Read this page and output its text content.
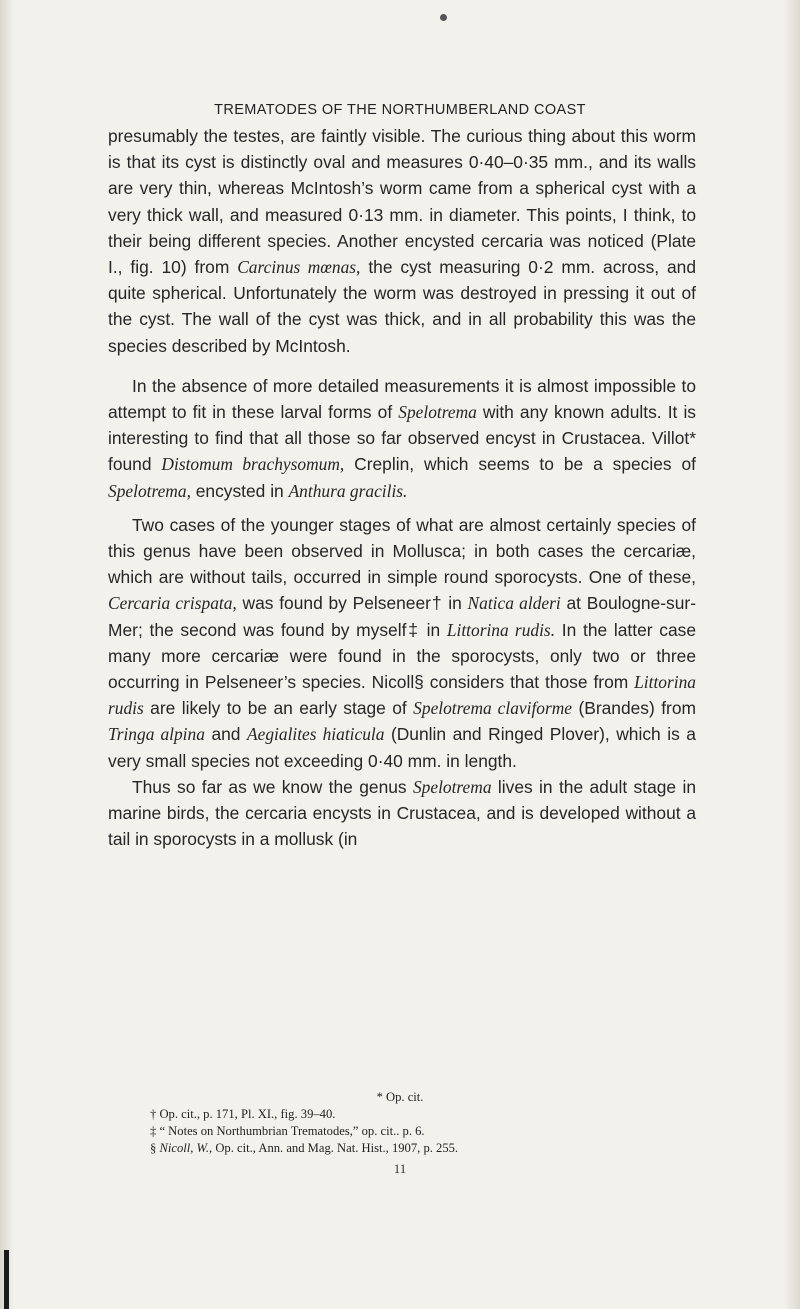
TREMATODES OF THE NORTHUMBERLAND COAST

presumably the testes, are faintly visible. The curious thing about this worm is that its cyst is distinctly oval and measures 0·40–0·35 mm., and its walls are very thin, whereas McIntosh’s worm came from a spherical cyst with a very thick wall, and measured 0·13 mm. in diameter. This points, I think, to their being different species. Another encysted cercaria was noticed (Plate I., fig. 10) from Carcinus mœnas, the cyst measuring 0·2 mm. across, and quite spherical. Unfortunately the worm was destroyed in pressing it out of the cyst. The wall of the cyst was thick, and in all probability this was the species described by McIntosh.

In the absence of more detailed measurements it is almost impossible to attempt to fit in these larval forms of Spelotrema with any known adults. It is interesting to find that all those so far observed encyst in Crustacea. Villot* found Distomum brachysomum, Creplin, which seems to be a species of Spelotrema, encysted in Anthura gracilis.

Two cases of the younger stages of what are almost certainly species of this genus have been observed in Mollusca; in both cases the cercariæ, which are without tails, occurred in simple round sporocysts. One of these, Cercaria crispata, was found by Pelseneer† in Natica alderi at Boulogne-sur-Mer; the second was found by myself‡ in Littorina rudis. In the latter case many more cercariæ were found in the sporocysts, only two or three occurring in Pelseneer’s species. Nicoll§ considers that those from Littorina rudis are likely to be an early stage of Spelotrema claviforme (Brandes) from Tringa alpina and Aegialites hiaticula (Dunlin and Ringed Plover), which is a very small species not exceeding 0·40 mm. in length.

Thus so far as we know the genus Spelotrema lives in the adult stage in marine birds, the cercaria encysts in Crustacea, and is developed without a tail in sporocysts in a mollusk (in

* Op. cit.

† Op. cit., p. 171, Pl. XI., fig. 39–40.

‡ “ Notes on Northumbrian Trematodes,” op. cit.. p. 6.

§ Nicoll, W., Op. cit., Ann. and Mag. Nat. Hist., 1907, p. 255.

11
